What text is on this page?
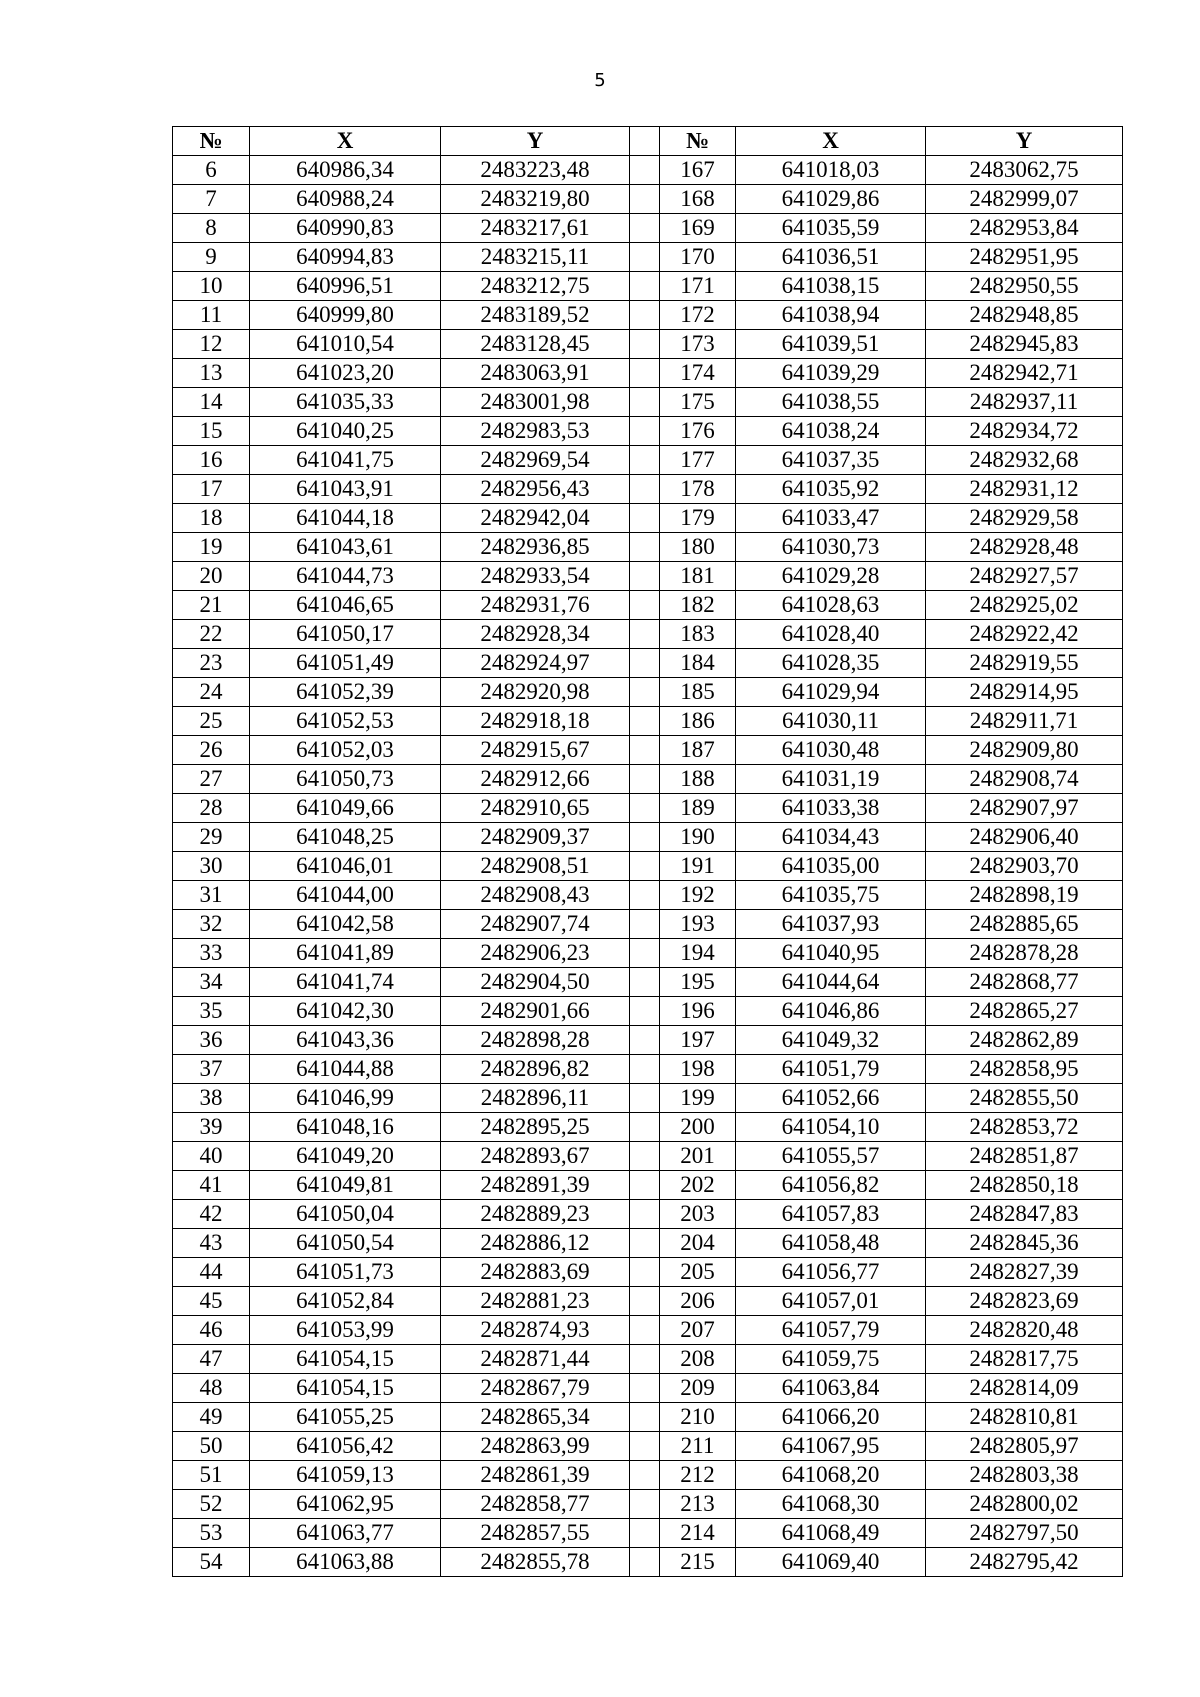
5
№	X	Y		№	X	Y
6	640986,34	2483223,48		167	641018,03	2483062,75
7	640988,24	2483219,80		168	641029,86	2482999,07
8	640990,83	2483217,61		169	641035,59	2482953,84
9	640994,83	2483215,11		170	641036,51	2482951,95
10	640996,51	2483212,75		171	641038,15	2482950,55
11	640999,80	2483189,52		172	641038,94	2482948,85
12	641010,54	2483128,45		173	641039,51	2482945,83
13	641023,20	2483063,91		174	641039,29	2482942,71
14	641035,33	2483001,98		175	641038,55	2482937,11
15	641040,25	2482983,53		176	641038,24	2482934,72
16	641041,75	2482969,54		177	641037,35	2482932,68
17	641043,91	2482956,43		178	641035,92	2482931,12
18	641044,18	2482942,04		179	641033,47	2482929,58
19	641043,61	2482936,85		180	641030,73	2482928,48
20	641044,73	2482933,54		181	641029,28	2482927,57
21	641046,65	2482931,76		182	641028,63	2482925,02
22	641050,17	2482928,34		183	641028,40	2482922,42
23	641051,49	2482924,97		184	641028,35	2482919,55
24	641052,39	2482920,98		185	641029,94	2482914,95
25	641052,53	2482918,18		186	641030,11	2482911,71
26	641052,03	2482915,67		187	641030,48	2482909,80
27	641050,73	2482912,66		188	641031,19	2482908,74
28	641049,66	2482910,65		189	641033,38	2482907,97
29	641048,25	2482909,37		190	641034,43	2482906,40
30	641046,01	2482908,51		191	641035,00	2482903,70
31	641044,00	2482908,43		192	641035,75	2482898,19
32	641042,58	2482907,74		193	641037,93	2482885,65
33	641041,89	2482906,23		194	641040,95	2482878,28
34	641041,74	2482904,50		195	641044,64	2482868,77
35	641042,30	2482901,66		196	641046,86	2482865,27
36	641043,36	2482898,28		197	641049,32	2482862,89
37	641044,88	2482896,82		198	641051,79	2482858,95
38	641046,99	2482896,11		199	641052,66	2482855,50
39	641048,16	2482895,25		200	641054,10	2482853,72
40	641049,20	2482893,67		201	641055,57	2482851,87
41	641049,81	2482891,39		202	641056,82	2482850,18
42	641050,04	2482889,23		203	641057,83	2482847,83
43	641050,54	2482886,12		204	641058,48	2482845,36
44	641051,73	2482883,69		205	641056,77	2482827,39
45	641052,84	2482881,23		206	641057,01	2482823,69
46	641053,99	2482874,93		207	641057,79	2482820,48
47	641054,15	2482871,44		208	641059,75	2482817,75
48	641054,15	2482867,79		209	641063,84	2482814,09
49	641055,25	2482865,34		210	641066,20	2482810,81
50	641056,42	2482863,99		211	641067,95	2482805,97
51	641059,13	2482861,39		212	641068,20	2482803,38
52	641062,95	2482858,77		213	641068,30	2482800,02
53	641063,77	2482857,55		214	641068,49	2482797,50
54	641063,88	2482855,78		215	641069,40	2482795,42
